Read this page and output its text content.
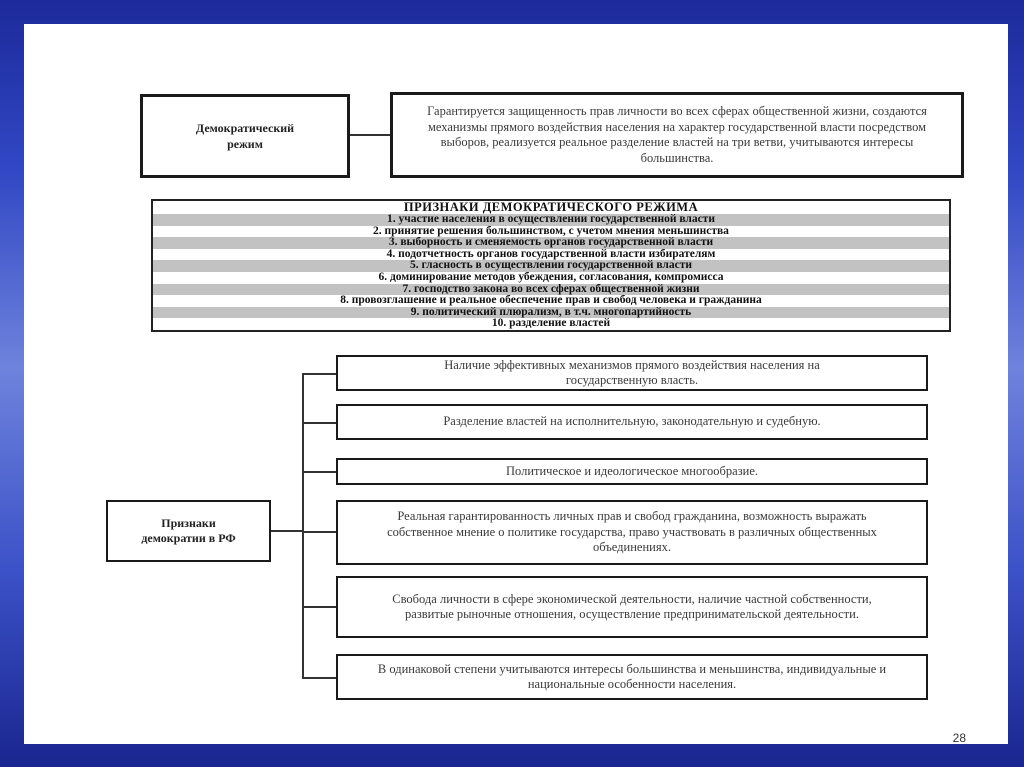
Демократический режим
Гарантируется защищенность прав личности во всех сферах общественной жизни, создаются механизмы прямого воздействия населения на характер государственной власти посредством выборов, реализуется реальное разделение властей на три ветви, учитываются интересы большинства.
ПРИЗНАКИ ДЕМОКРАТИЧЕСКОГО РЕЖИМА
1. участие населения в осуществлении государственной власти
2. принятие решения большинством, с учетом мнения меньшинства
3. выборность и сменяемость органов государственной власти
4. подотчетность органов государственной власти избирателям
5. гласность в осуществлении государственной власти
6. доминирование методов убеждения, согласования, компромисса
7. господство закона во всех сферах общественной жизни
8. провозглашение и реальное обеспечение прав и свобод человека и гражданина
9. политический плюрализм, в т.ч. многопартийность
10. разделение властей
Признаки демократии в РФ
Наличие эффективных механизмов прямого воздействия населения на государственную власть.
Разделение властей на исполнительную, законодательную и судебную.
Политическое и идеологическое многообразие.
Реальная гарантированность личных прав и свобод гражданина, возможность выражать собственное мнение о политике государства, право участвовать в различных общественных объединениях.
Свобода личности в сфере экономической деятельности, наличие частной собственности, развитые рыночные отношения, осуществление предпринимательской деятельности.
В одинаковой степени учитываются интересы большинства и меньшинства, индивидуальные и национальные особенности населения.
28
